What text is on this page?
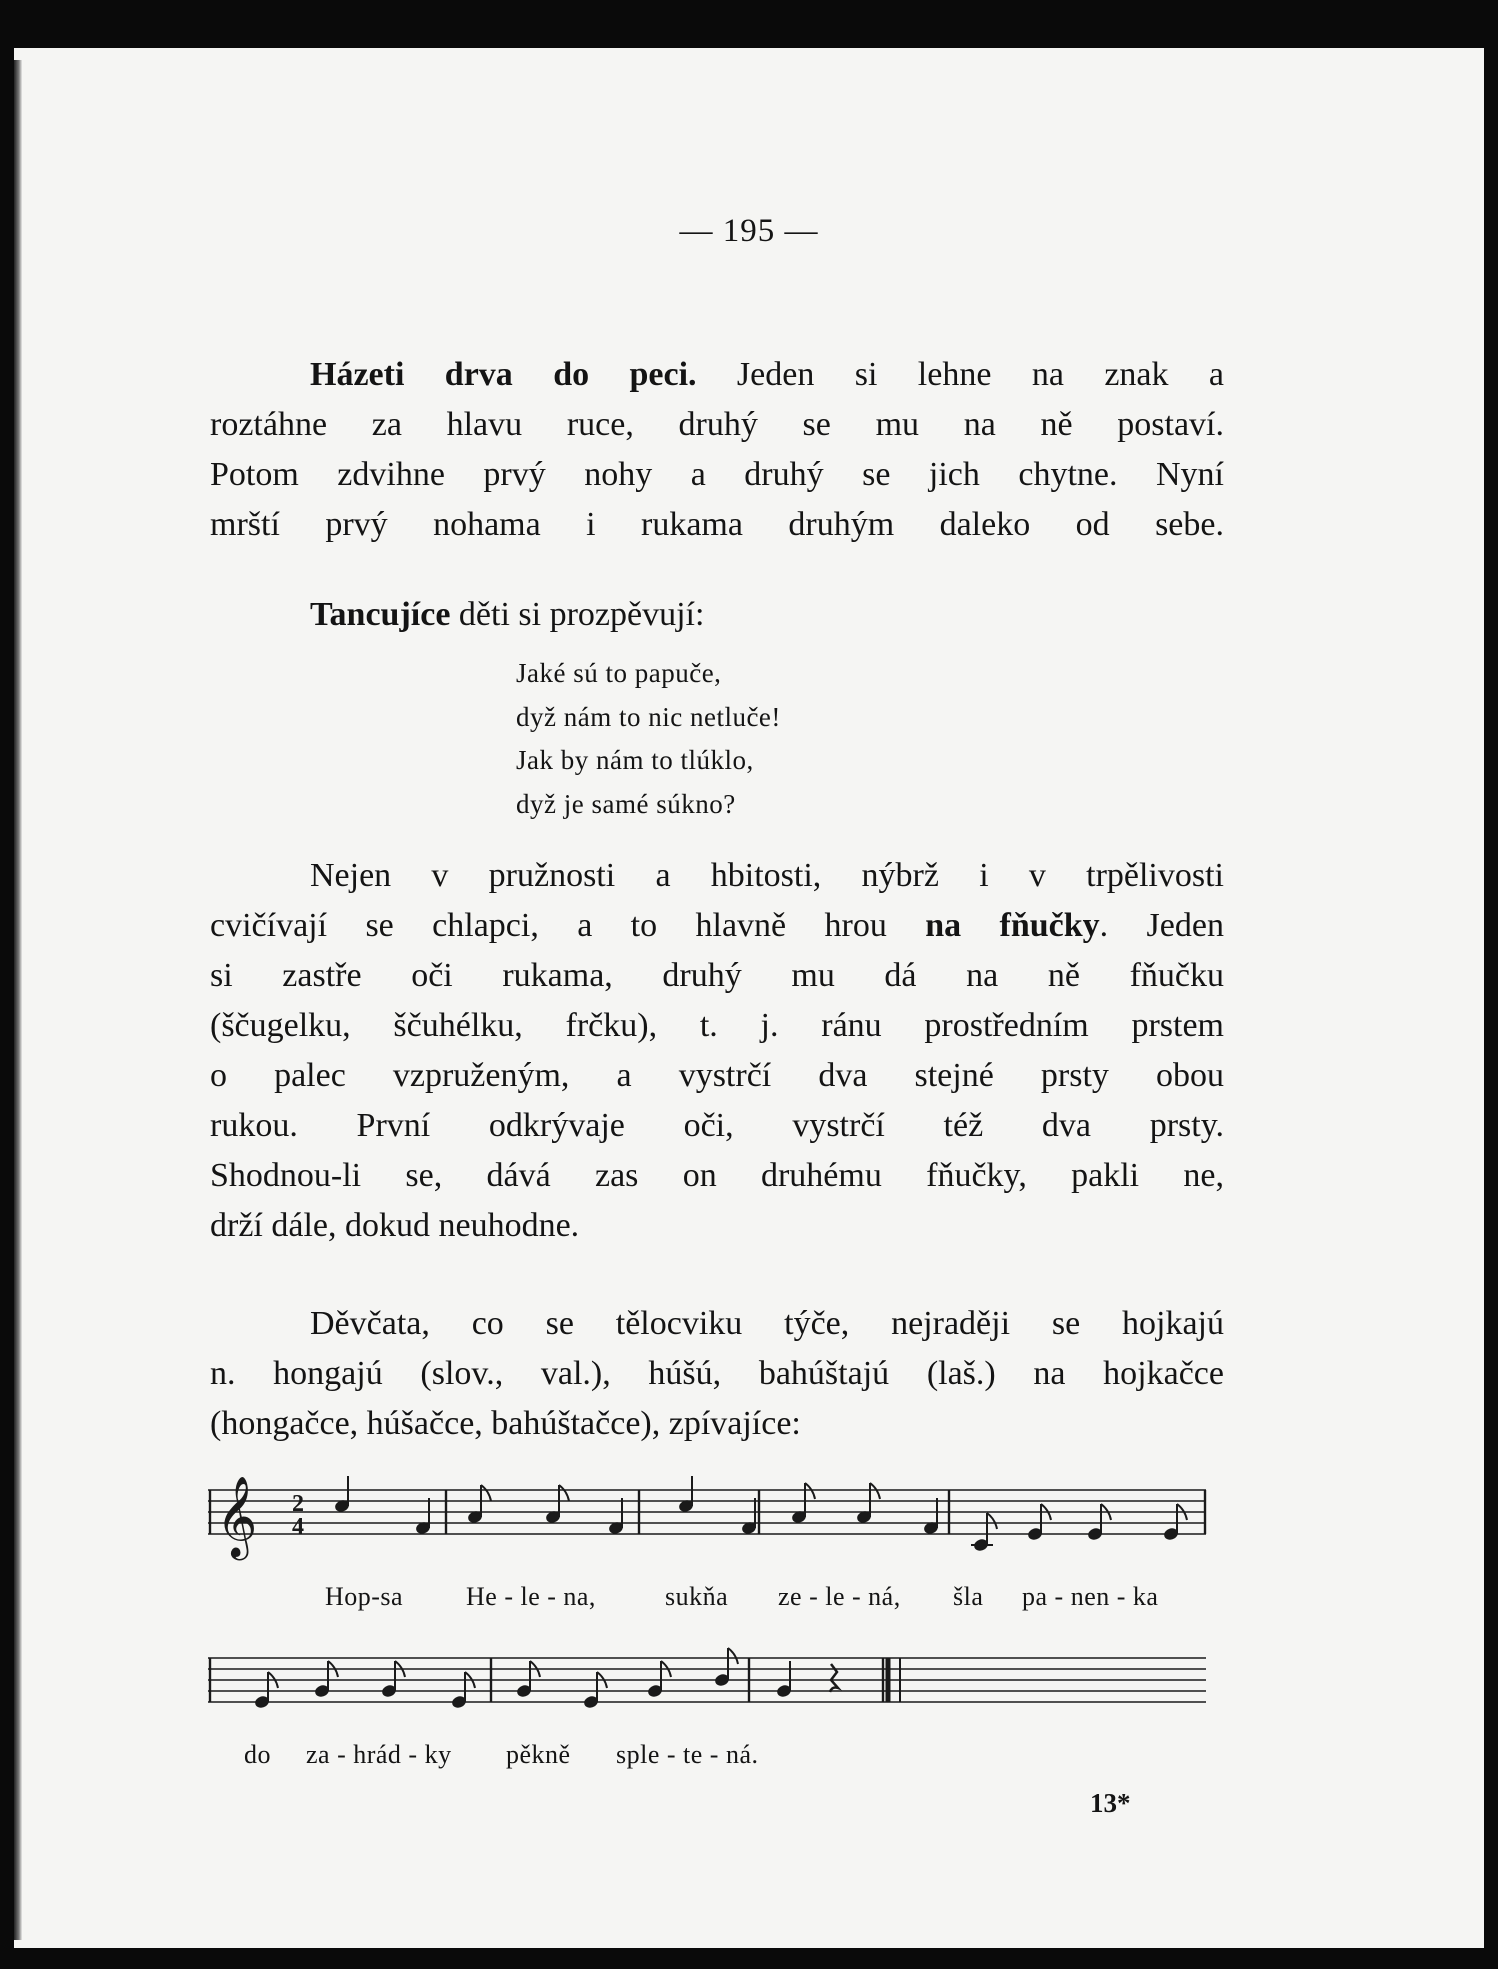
— 195 —
Házeti drva do peci. Jeden si lehne na znak a
roztáhne za hlavu ruce, druhý se mu na ně postaví.
Potom zdvihne prvý nohy a druhý se jich chytne. Nyní
mrští prvý nohama i rukama druhým daleko od sebe.
Tancujíce děti si prozpěvují:
Jaké sú to papuče,
dyž nám to nic netluče!
Jak by nám to tlúklo,
dyž je samé súkno?
Nejen v pružnosti a hbitosti, nýbrž i v trpělivosti
cvičívají se chlapci, a to hlavně hrou na fňučky. Jeden
si zastře oči rukama, druhý mu dá na ně fňučku
(ščugelku, ščuhélku, frčku), t. j. ránu prostředním prstem
o palec vzpruženým, a vystrčí dva stejné prsty obou
rukou. První odkrývaje oči, vystrčí též dva prsty.
Shodnou-li se, dává zas on druhému fňučky, pakli ne,
drží dále, dokud neuhodne.
Děvčata, co se tělocviku týče, nejraději se hojkajú
n. hongajú (slov., val.), húšú, bahúštajú (laš.) na hojkačce
(hongačce, húšačce, bahúštačce), zpívajíce:
𝄞 2
4
Hop-sa He - le - na,	sukňa ze - le - ná, šla pa - nen - ka
do za - hrád - ky pěkně sple - te - ná.
13*
